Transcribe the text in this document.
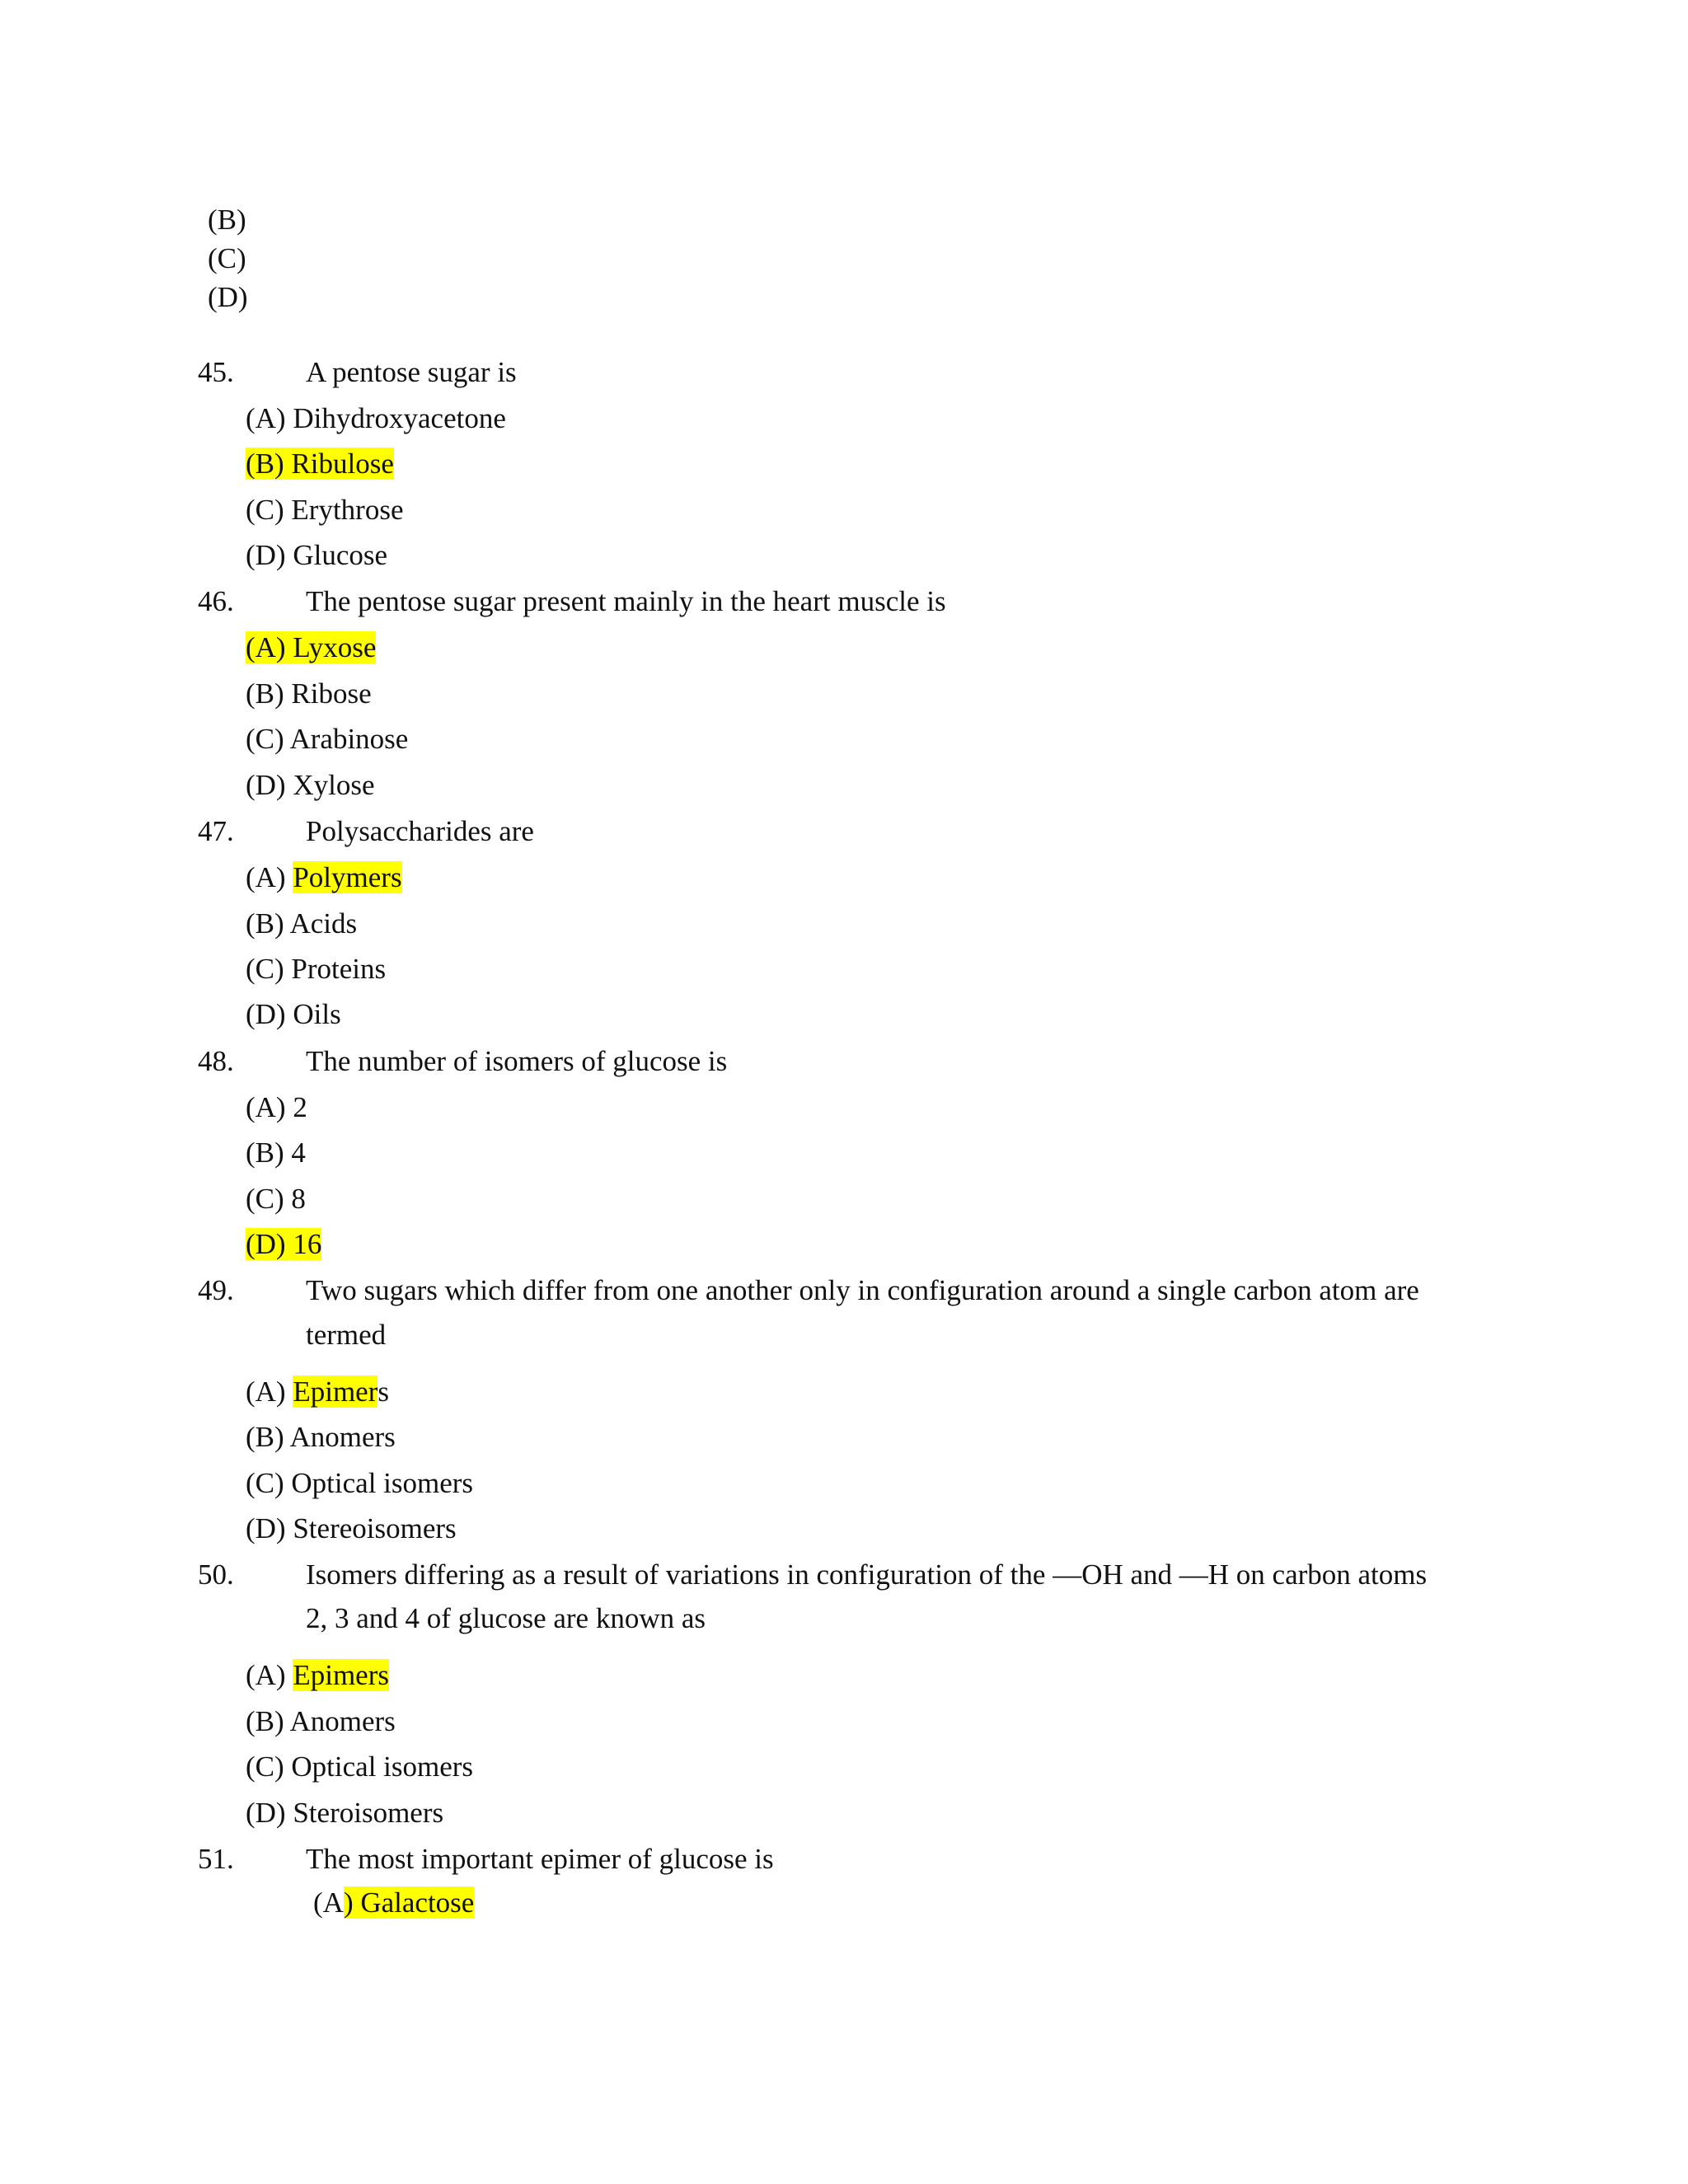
(B)
(C)
(D)
45. A pentose sugar is
(A) Dihydroxyacetone
(B) Ribulose
(C) Erythrose
(D) Glucose
46. The pentose sugar present mainly in the heart muscle is
(A) Lyxose
(B) Ribose
(C) Arabinose
(D) Xylose
47. Polysaccharides are
(A) Polymers
(B) Acids
(C) Proteins
(D) Oils
48. The number of isomers of glucose is
(A) 2
(B) 4
(C) 8
(D) 16
49. Two sugars which differ from one another only in configuration around a single carbon atom are
termed
(A) Epimers
(B) Anomers
(C) Optical isomers
(D) Stereoisomers
50. Isomers differing as a result of variations in configuration of the —OH and —H on carbon atoms
2, 3 and 4 of glucose are known as
(A) Epimers
(B) Anomers
(C) Optical isomers
(D) Steroisomers
51. The most important epimer of glucose is
(A) Galactose
